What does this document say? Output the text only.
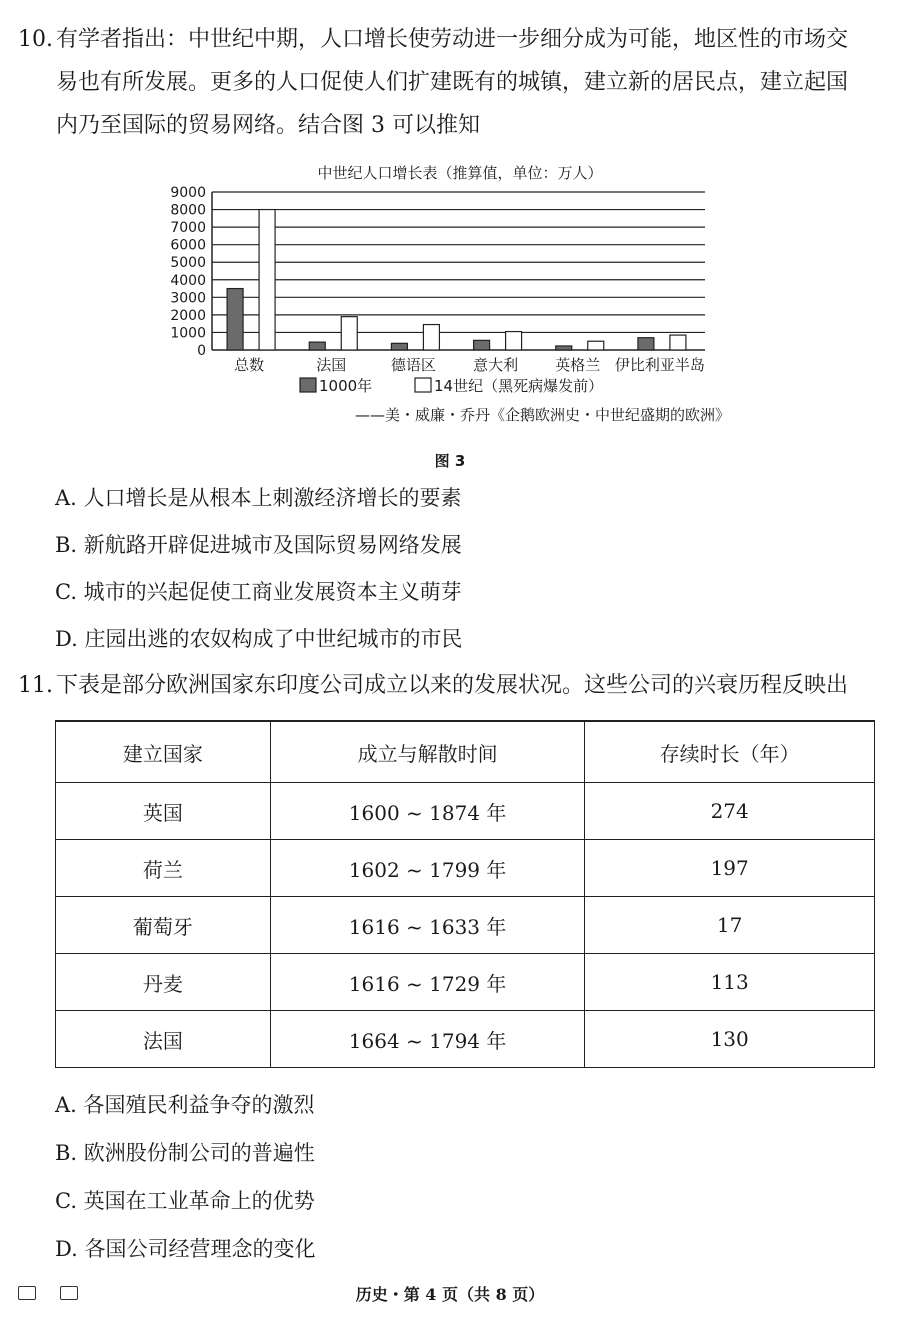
10. 有学者指出：中世纪中期，人口增长使劳动进一步细分成为可能，地区性的市场交
易也有所发展。更多的人口促使人们扩建既有的城镇，建立新的居民点，建立起国
内乃至国际的贸易网络。结合图 3 可以推知

中世纪人口增长表（推算值，单位：万人）
9000
8000
7000
6000
5000
4000
3000
2000
1000
0
总数	法国	德语区 意大利 英格兰 伊比利亚半岛
1000年	14世纪（黑死病爆发前）
——美・威廉・乔丹《企鹅欧洲史・中世纪盛期的欧洲》
图 3

A. 人口增长是从根本上刺激经济增长的要素

B. 新航路开辟促进城市及国际贸易网络发展

C. 城市的兴起促使工商业发展资本主义萌芽

D. 庄园出逃的农奴构成了中世纪城市的市民

11. 下表是部分欧洲国家东印度公司成立以来的发展状况。这些公司的兴衰历程反映出

建立国家	成立与解散时间	存续时长（年）
英国	1600 ~ 1874 年	274
荷兰	1602 ~ 1799 年	197
葡萄牙	1616 ~ 1633 年	17
丹麦	1616 ~ 1729 年	113
法国	1664 ~ 1794 年	130

A. 各国殖民利益争夺的激烈

B. 欧洲股份制公司的普遍性

C. 英国在工业革命上的优势

D. 各国公司经营理念的变化

历史・第 4 页（共 8 页）
